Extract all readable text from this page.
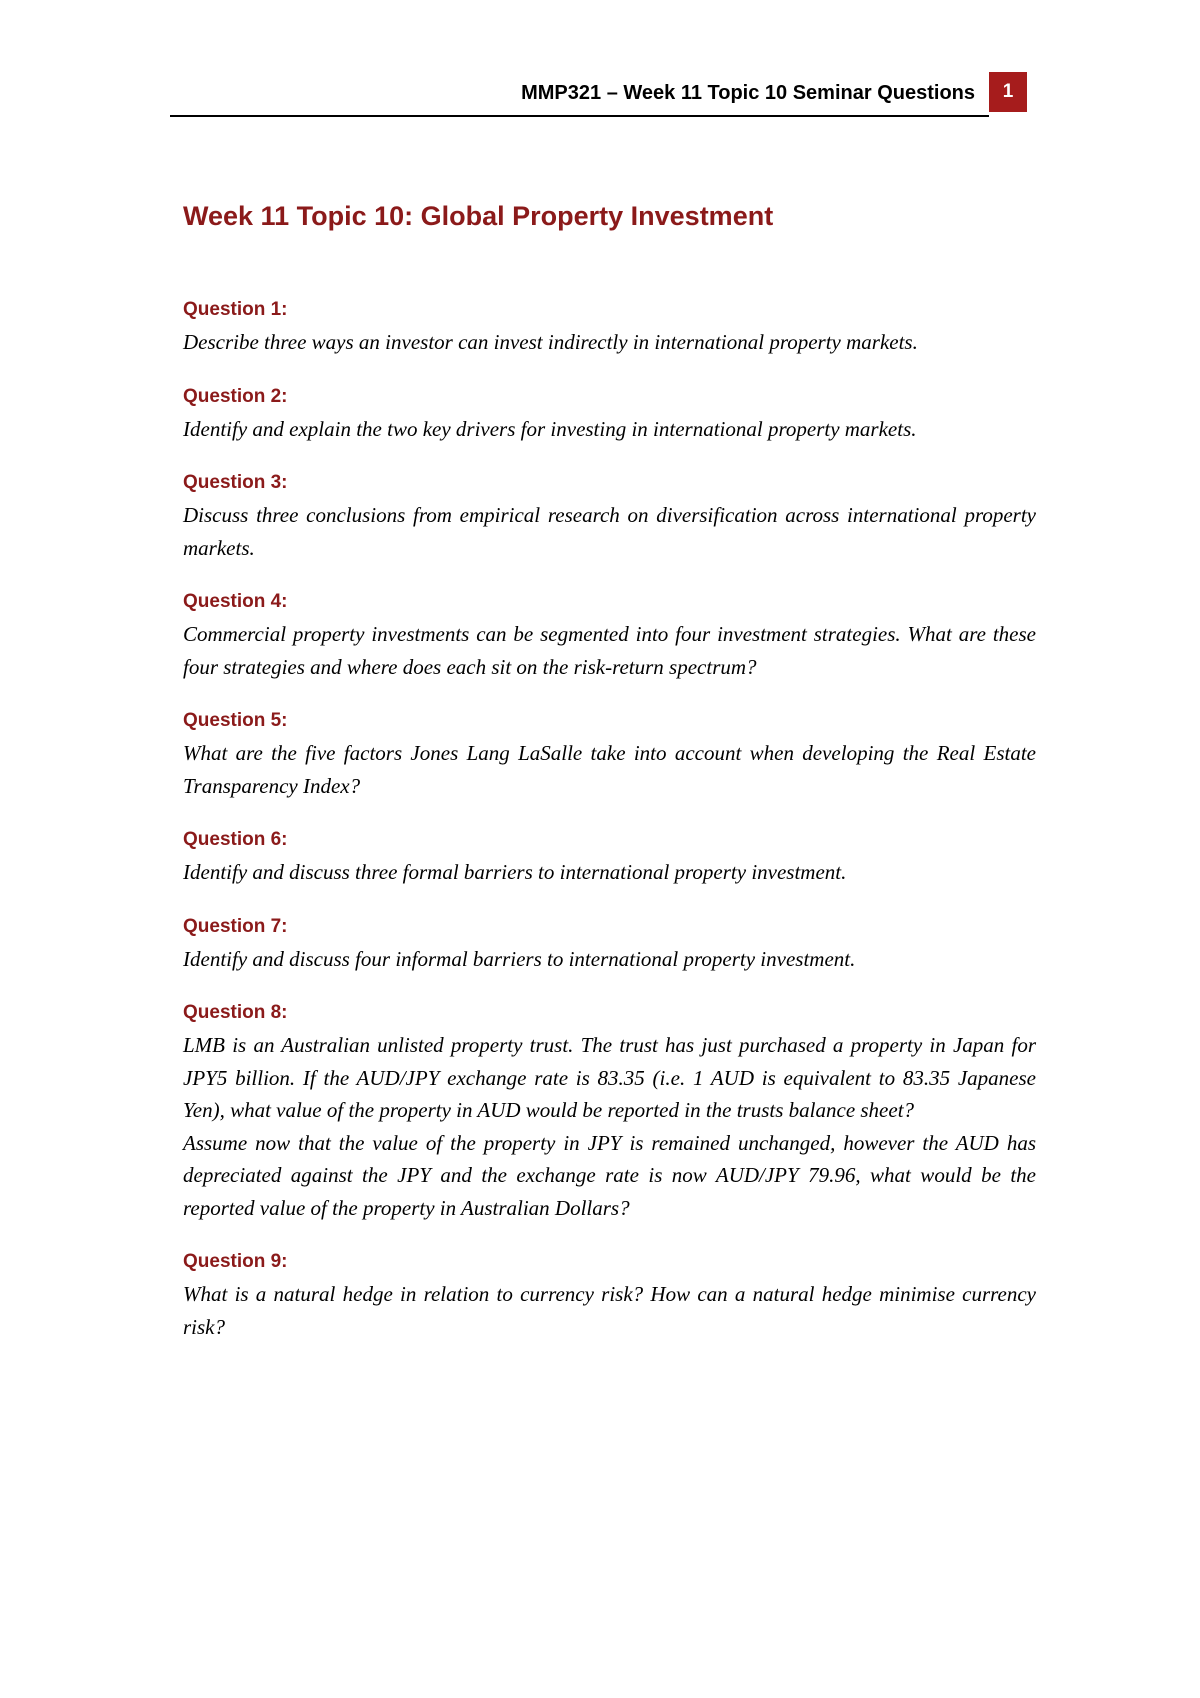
MMP321 – Week 11 Topic 10 Seminar Questions	1
Week 11 Topic 10: Global Property Investment

Question 1:

Describe three ways an investor can invest indirectly in international property markets.

Question 2:

Identify and explain the two key drivers for investing in international property markets.

Question 3:

Discuss three conclusions from empirical research on diversification across international property markets.

Question 4:

Commercial property investments can be segmented into four investment strategies. What are these four strategies and where does each sit on the risk-return spectrum?

Question 5:

What are the five factors Jones Lang LaSalle take into account when developing the Real Estate Transparency Index?

Question 6:

Identify and discuss three formal barriers to international property investment.

Question 7:

Identify and discuss four informal barriers to international property investment.

Question 8:

LMB is an Australian unlisted property trust. The trust has just purchased a property in Japan for JPY5 billion. If the AUD/JPY exchange rate is 83.35 (i.e. 1 AUD is equivalent to 83.35 Japanese Yen), what value of the property in AUD would be reported in the trusts balance sheet?

Assume now that the value of the property in JPY is remained unchanged, however the AUD has depreciated against the JPY and the exchange rate is now AUD/JPY 79.96, what would be the reported value of the property in Australian Dollars?

Question 9:

What is a natural hedge in relation to currency risk? How can a natural hedge minimise currency risk?
